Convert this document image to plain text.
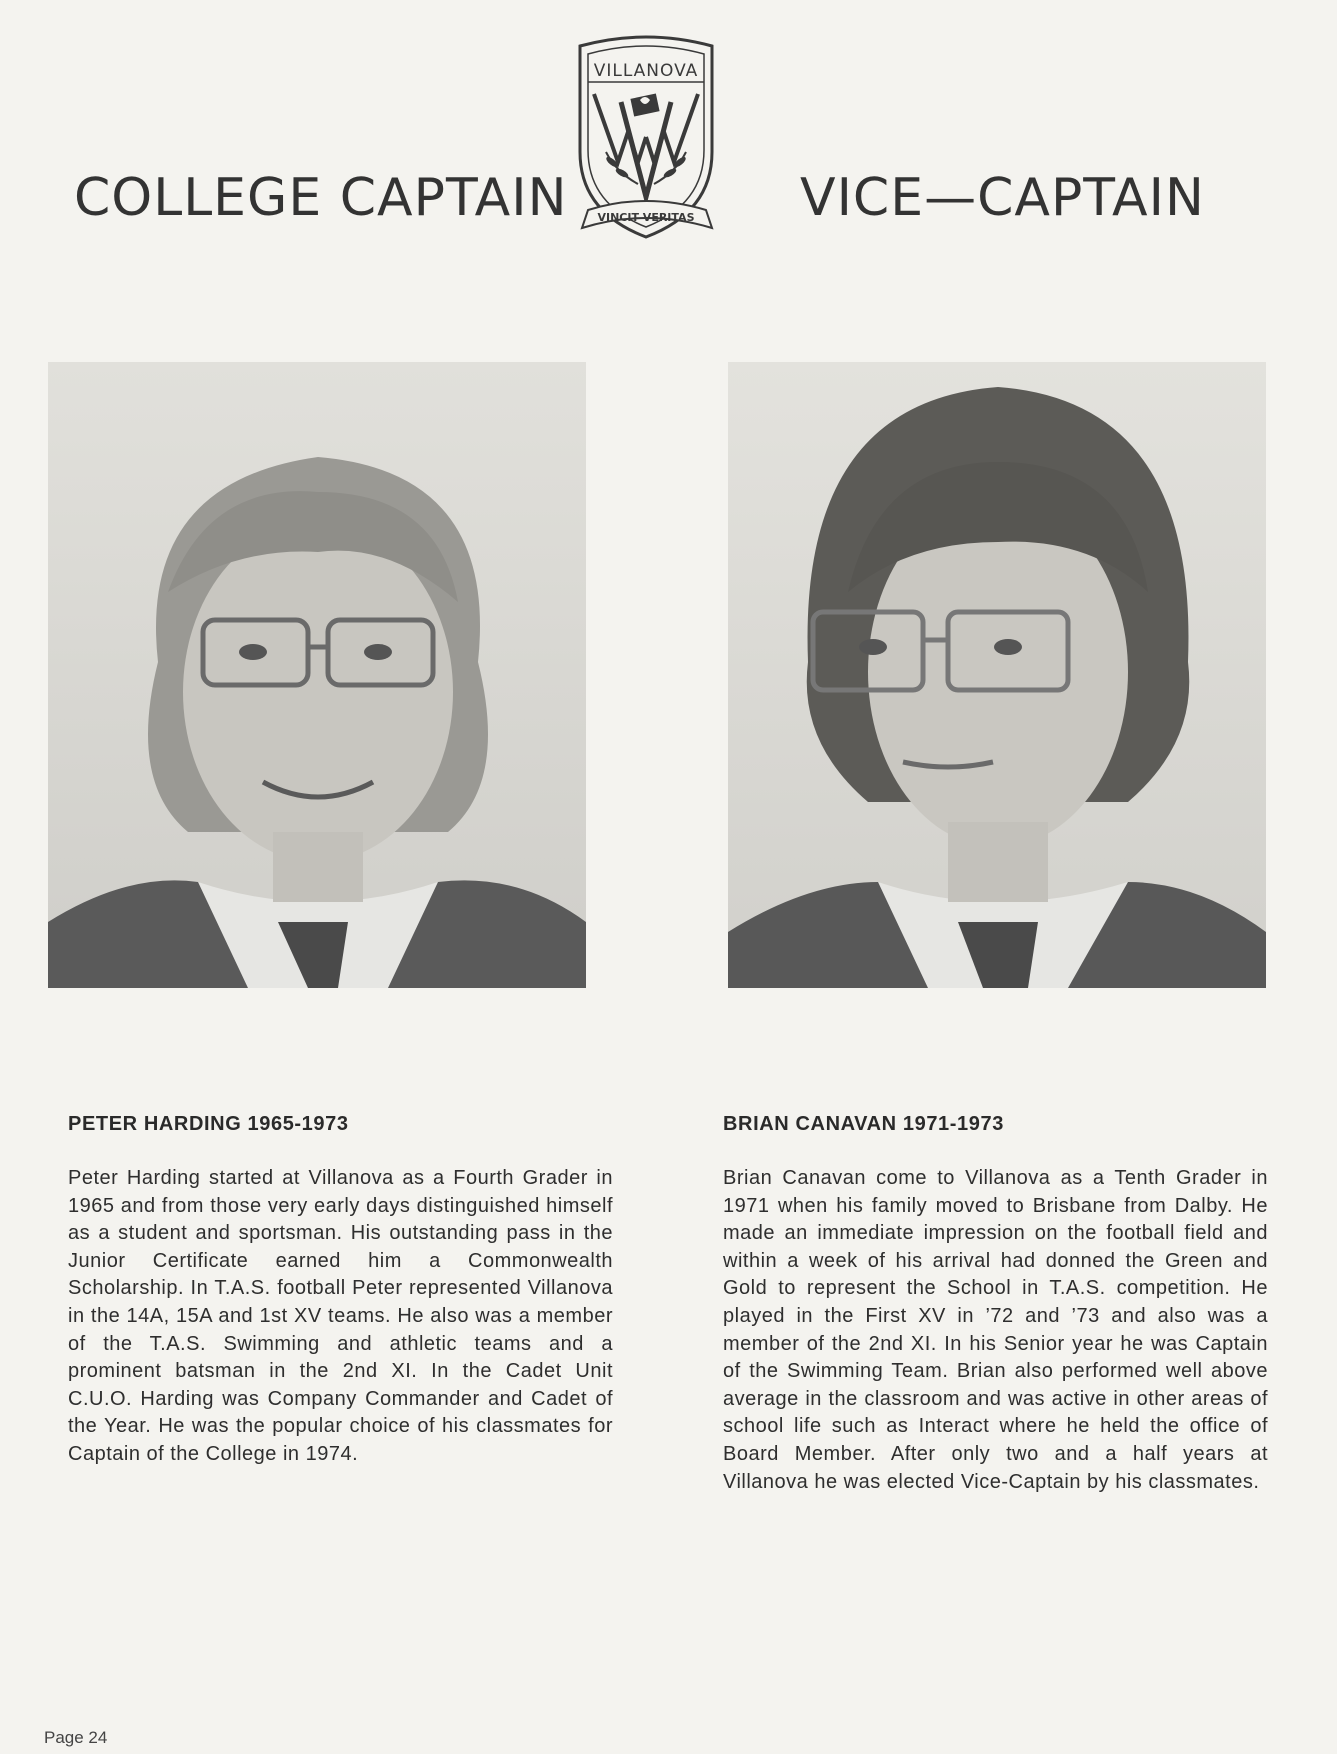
COLLEGE CAPTAIN
VILLANOVA
VINCIT VERITAS VICE—CAPTAIN
PETER HARDING 1965-1973

Peter Harding started at Villanova as a Fourth Grader in 1965 and from those very early days distinguished himself as a student and sportsman. His outstanding pass in the Junior Certificate earned him a Commonwealth Scholarship. In T.A.S. football Peter represented Villanova in the 14A, 15A and 1st XV teams. He also was a member of the T.A.S. Swimming and athletic teams and a prominent batsman in the 2nd XI. In the Cadet Unit C.U.O. Harding was Company Commander and Cadet of the Year. He was the popular choice of his classmates for Captain of the College in 1974.

BRIAN CANAVAN 1971-1973

Brian Canavan come to Villanova as a Tenth Grader in 1971 when his family moved to Brisbane from Dalby. He made an immediate impression on the football field and within a week of his arrival had donned the Green and Gold to represent the School in T.A.S. competition. He played in the First XV in ’72 and ’73 and also was a member of the 2nd XI. In his Senior year he was Captain of the Swimming Team. Brian also performed well above average in the classroom and was active in other areas of school life such as Interact where he held the office of Board Member. After only two and a half years at Villanova he was elected Vice-Captain by his classmates.

Page 24
